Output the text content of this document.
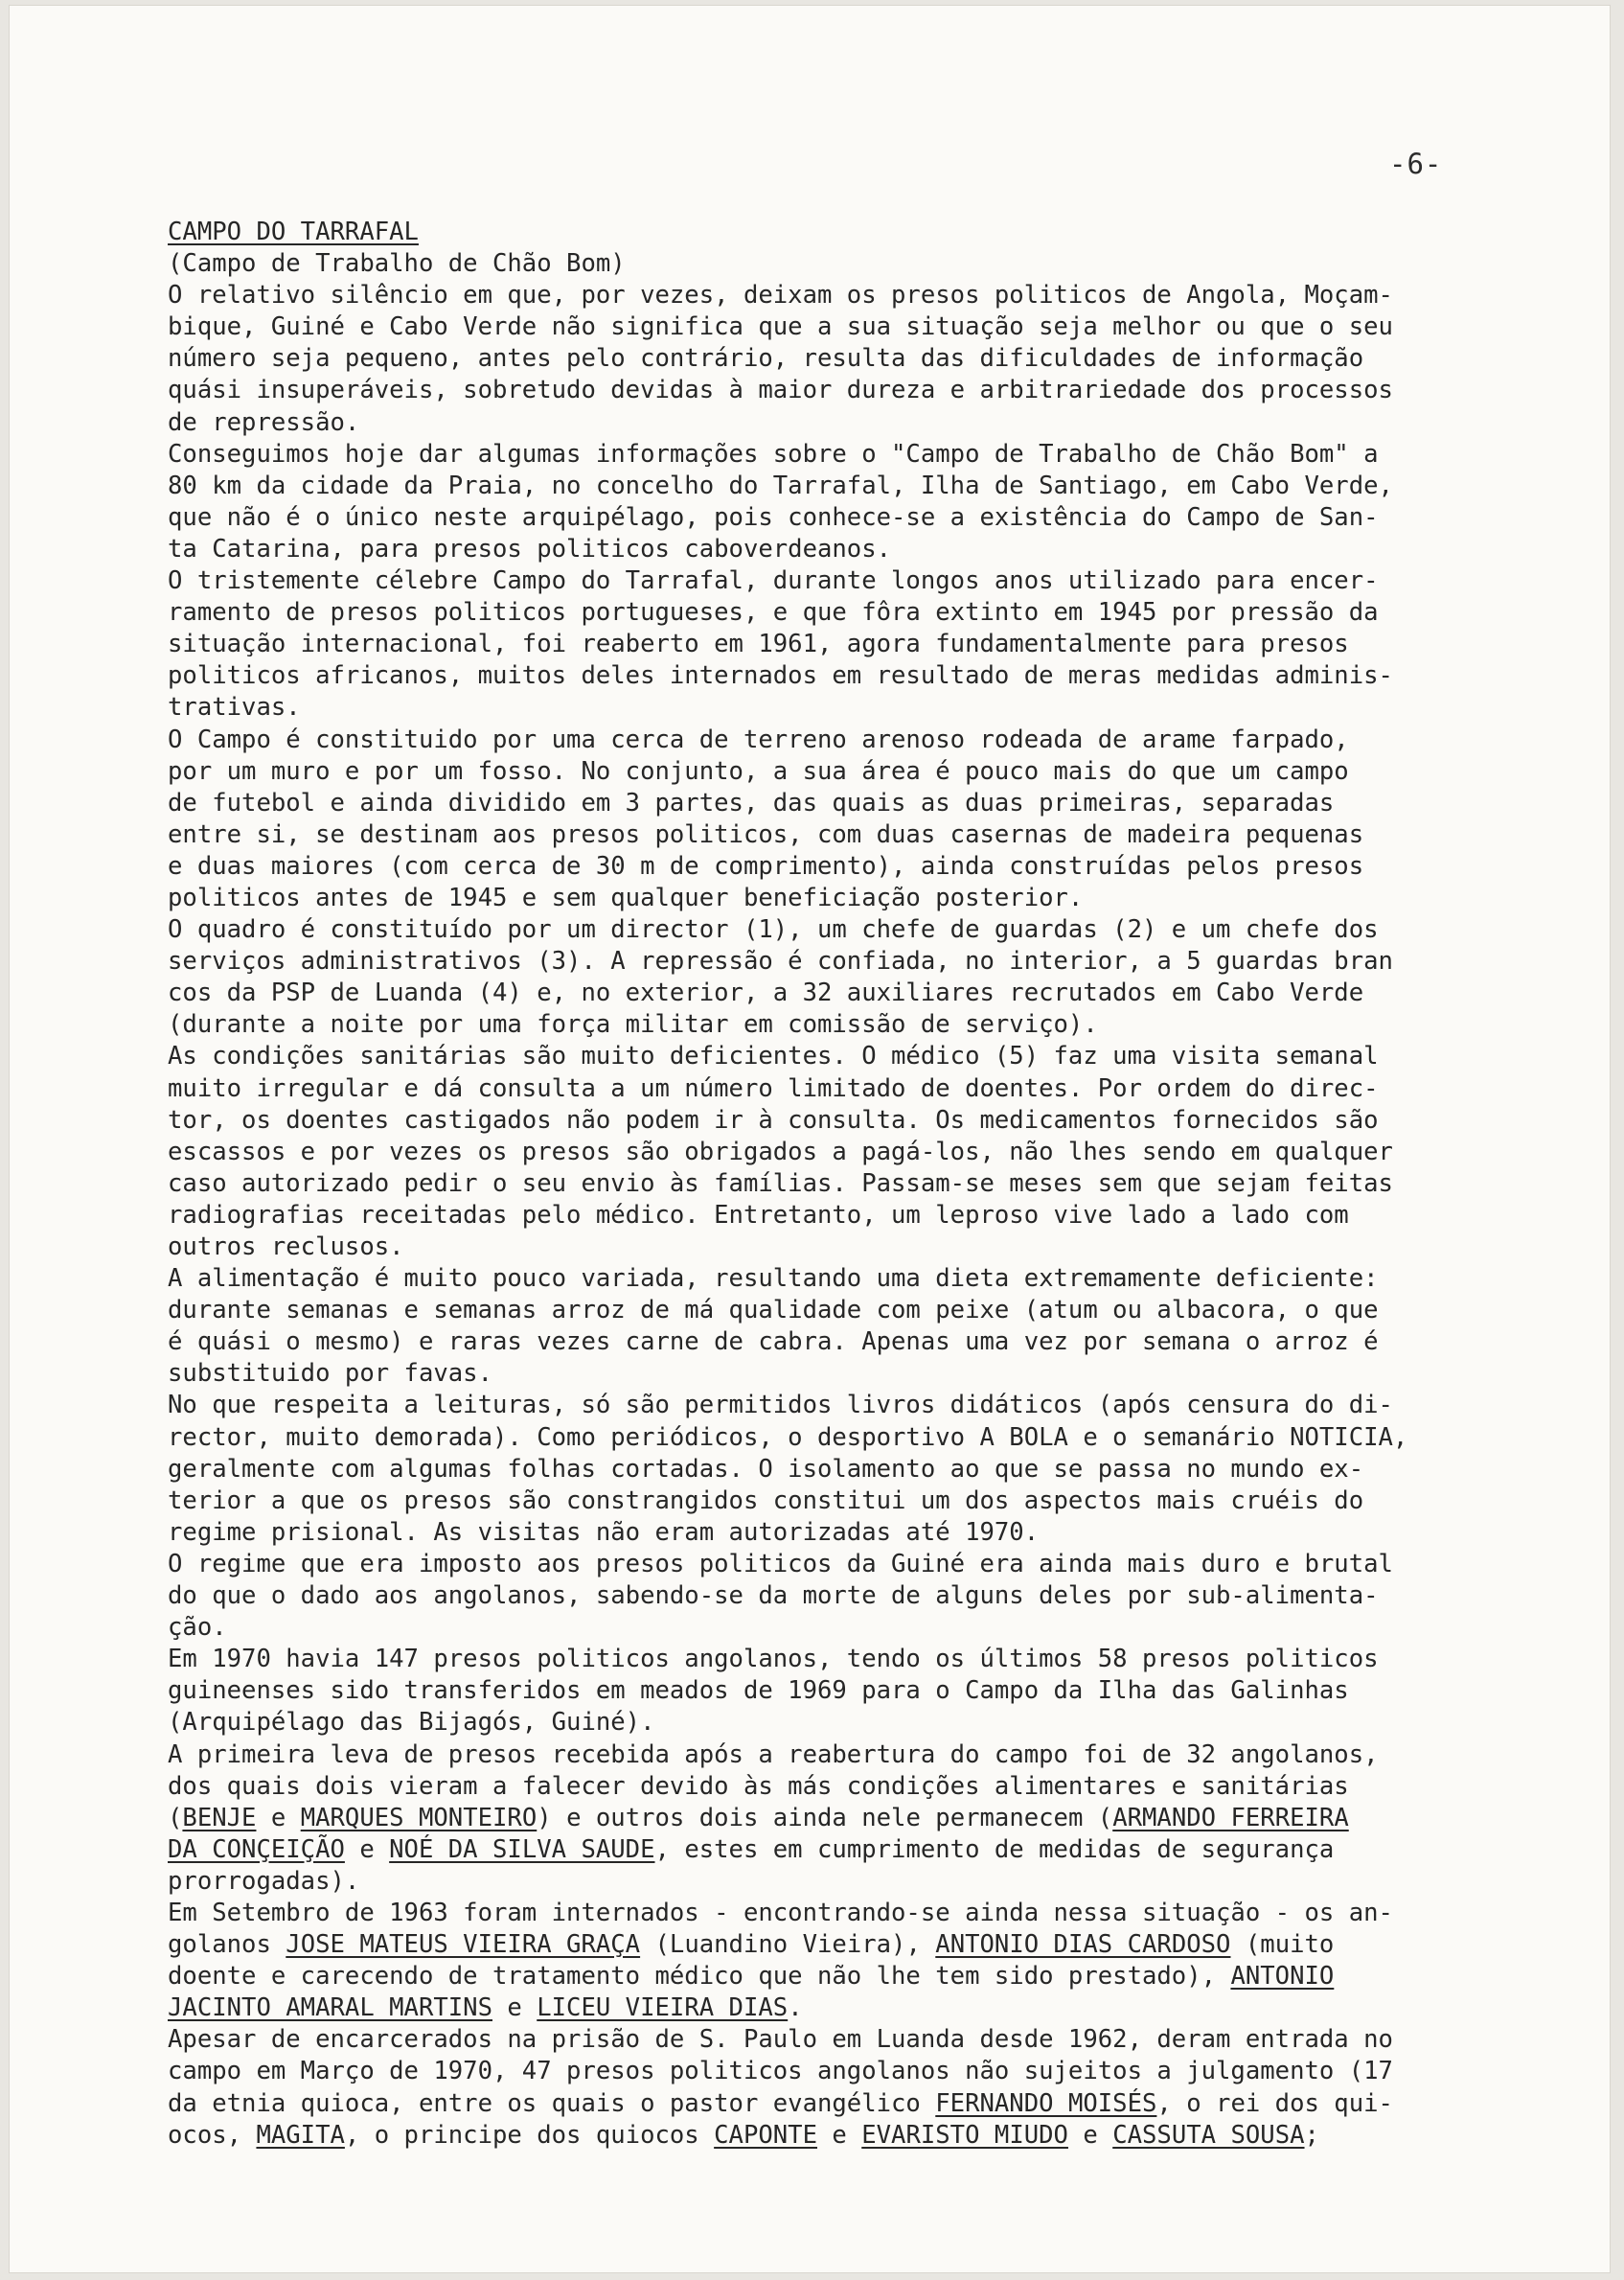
-6-
CAMPO DO TARRAFAL
(Campo de Trabalho de Chão Bom)
O relativo silêncio em que, por vezes, deixam os presos politicos de Angola, Moçam-
bique, Guiné e Cabo Verde não significa que a sua situação seja melhor ou que o seu
número seja pequeno, antes pelo contrário, resulta das dificuldades de informação
quási insuperáveis, sobretudo devidas à maior dureza e arbitrariedade dos processos
de repressão.
Conseguimos hoje dar algumas informações sobre o "Campo de Trabalho de Chão Bom" a
80 km da cidade da Praia, no concelho do Tarrafal, Ilha de Santiago, em Cabo Verde,
que não é o único neste arquipélago, pois conhece-se a existência do Campo de San-
ta Catarina, para presos politicos caboverdeanos.
O tristemente célebre Campo do Tarrafal, durante longos anos utilizado para encer-
ramento de presos politicos portugueses, e que fôra extinto em 1945 por pressão da
situação internacional, foi reaberto em 1961, agora fundamentalmente para presos
politicos africanos, muitos deles internados em resultado de meras medidas adminis-
trativas.
O Campo é constituido por uma cerca de terreno arenoso rodeada de arame farpado,
por um muro e por um fosso. No conjunto, a sua área é pouco mais do que um campo
de futebol e ainda dividido em 3 partes, das quais as duas primeiras, separadas
entre si, se destinam aos presos politicos, com duas casernas de madeira pequenas
e duas maiores (com cerca de 30 m de comprimento), ainda construídas pelos presos
politicos antes de 1945 e sem qualquer beneficiação posterior.
O quadro é constituído por um director (1), um chefe de guardas (2) e um chefe dos
serviços administrativos (3). A repressão é confiada, no interior, a 5 guardas bran
cos da PSP de Luanda (4) e, no exterior, a 32 auxiliares recrutados em Cabo Verde
(durante a noite por uma força militar em comissão de serviço).
As condições sanitárias são muito deficientes. O médico (5) faz uma visita semanal
muito irregular e dá consulta a um número limitado de doentes. Por ordem do direc-
tor, os doentes castigados não podem ir à consulta. Os medicamentos fornecidos são
escassos e por vezes os presos são obrigados a pagá-los, não lhes sendo em qualquer
caso autorizado pedir o seu envio às famílias. Passam-se meses sem que sejam feitas
radiografias receitadas pelo médico. Entretanto, um leproso vive lado a lado com
outros reclusos.
A alimentação é muito pouco variada, resultando uma dieta extremamente deficiente:
durante semanas e semanas arroz de má qualidade com peixe (atum ou albacora, o que
é quási o mesmo) e raras vezes carne de cabra. Apenas uma vez por semana o arroz é
substituido por favas.
No que respeita a leituras, só são permitidos livros didáticos (após censura do di-
rector, muito demorada). Como periódicos, o desportivo A BOLA e o semanário NOTICIA,
geralmente com algumas folhas cortadas. O isolamento ao que se passa no mundo ex-
terior a que os presos são constrangidos constitui um dos aspectos mais cruéis do
regime prisional. As visitas não eram autorizadas até 1970.
O regime que era imposto aos presos politicos da Guiné era ainda mais duro e brutal
do que o dado aos angolanos, sabendo-se da morte de alguns deles por sub-alimenta-
ção.
Em 1970 havia 147 presos politicos angolanos, tendo os últimos 58 presos politicos
guineenses sido transferidos em meados de 1969 para o Campo da Ilha das Galinhas
(Arquipélago das Bijagós, Guiné).
A primeira leva de presos recebida após a reabertura do campo foi de 32 angolanos,
dos quais dois vieram a falecer devido às más condições alimentares e sanitárias
(BENJE e MARQUES MONTEIRO) e outros dois ainda nele permanecem (ARMANDO FERREIRA
DA CONÇEIÇÃO e NOÉ DA SILVA SAUDE, estes em cumprimento de medidas de segurança
prorrogadas).
Em Setembro de 1963 foram internados - encontrando-se ainda nessa situação - os an-
golanos JOSE MATEUS VIEIRA GRAÇA (Luandino Vieira), ANTONIO DIAS CARDOSO (muito
doente e carecendo de tratamento médico que não lhe tem sido prestado), ANTONIO
JACINTO AMARAL MARTINS e LICEU VIEIRA DIAS.
Apesar de encarcerados na prisão de S. Paulo em Luanda desde 1962, deram entrada no
campo em Março de 1970, 47 presos politicos angolanos não sujeitos a julgamento (17
da etnia quioca, entre os quais o pastor evangélico FERNANDO MOISÉS, o rei dos qui-
ocos, MAGITA, o principe dos quiocos CAPONTE e EVARISTO MIUDO e CASSUTA SOUSA;
